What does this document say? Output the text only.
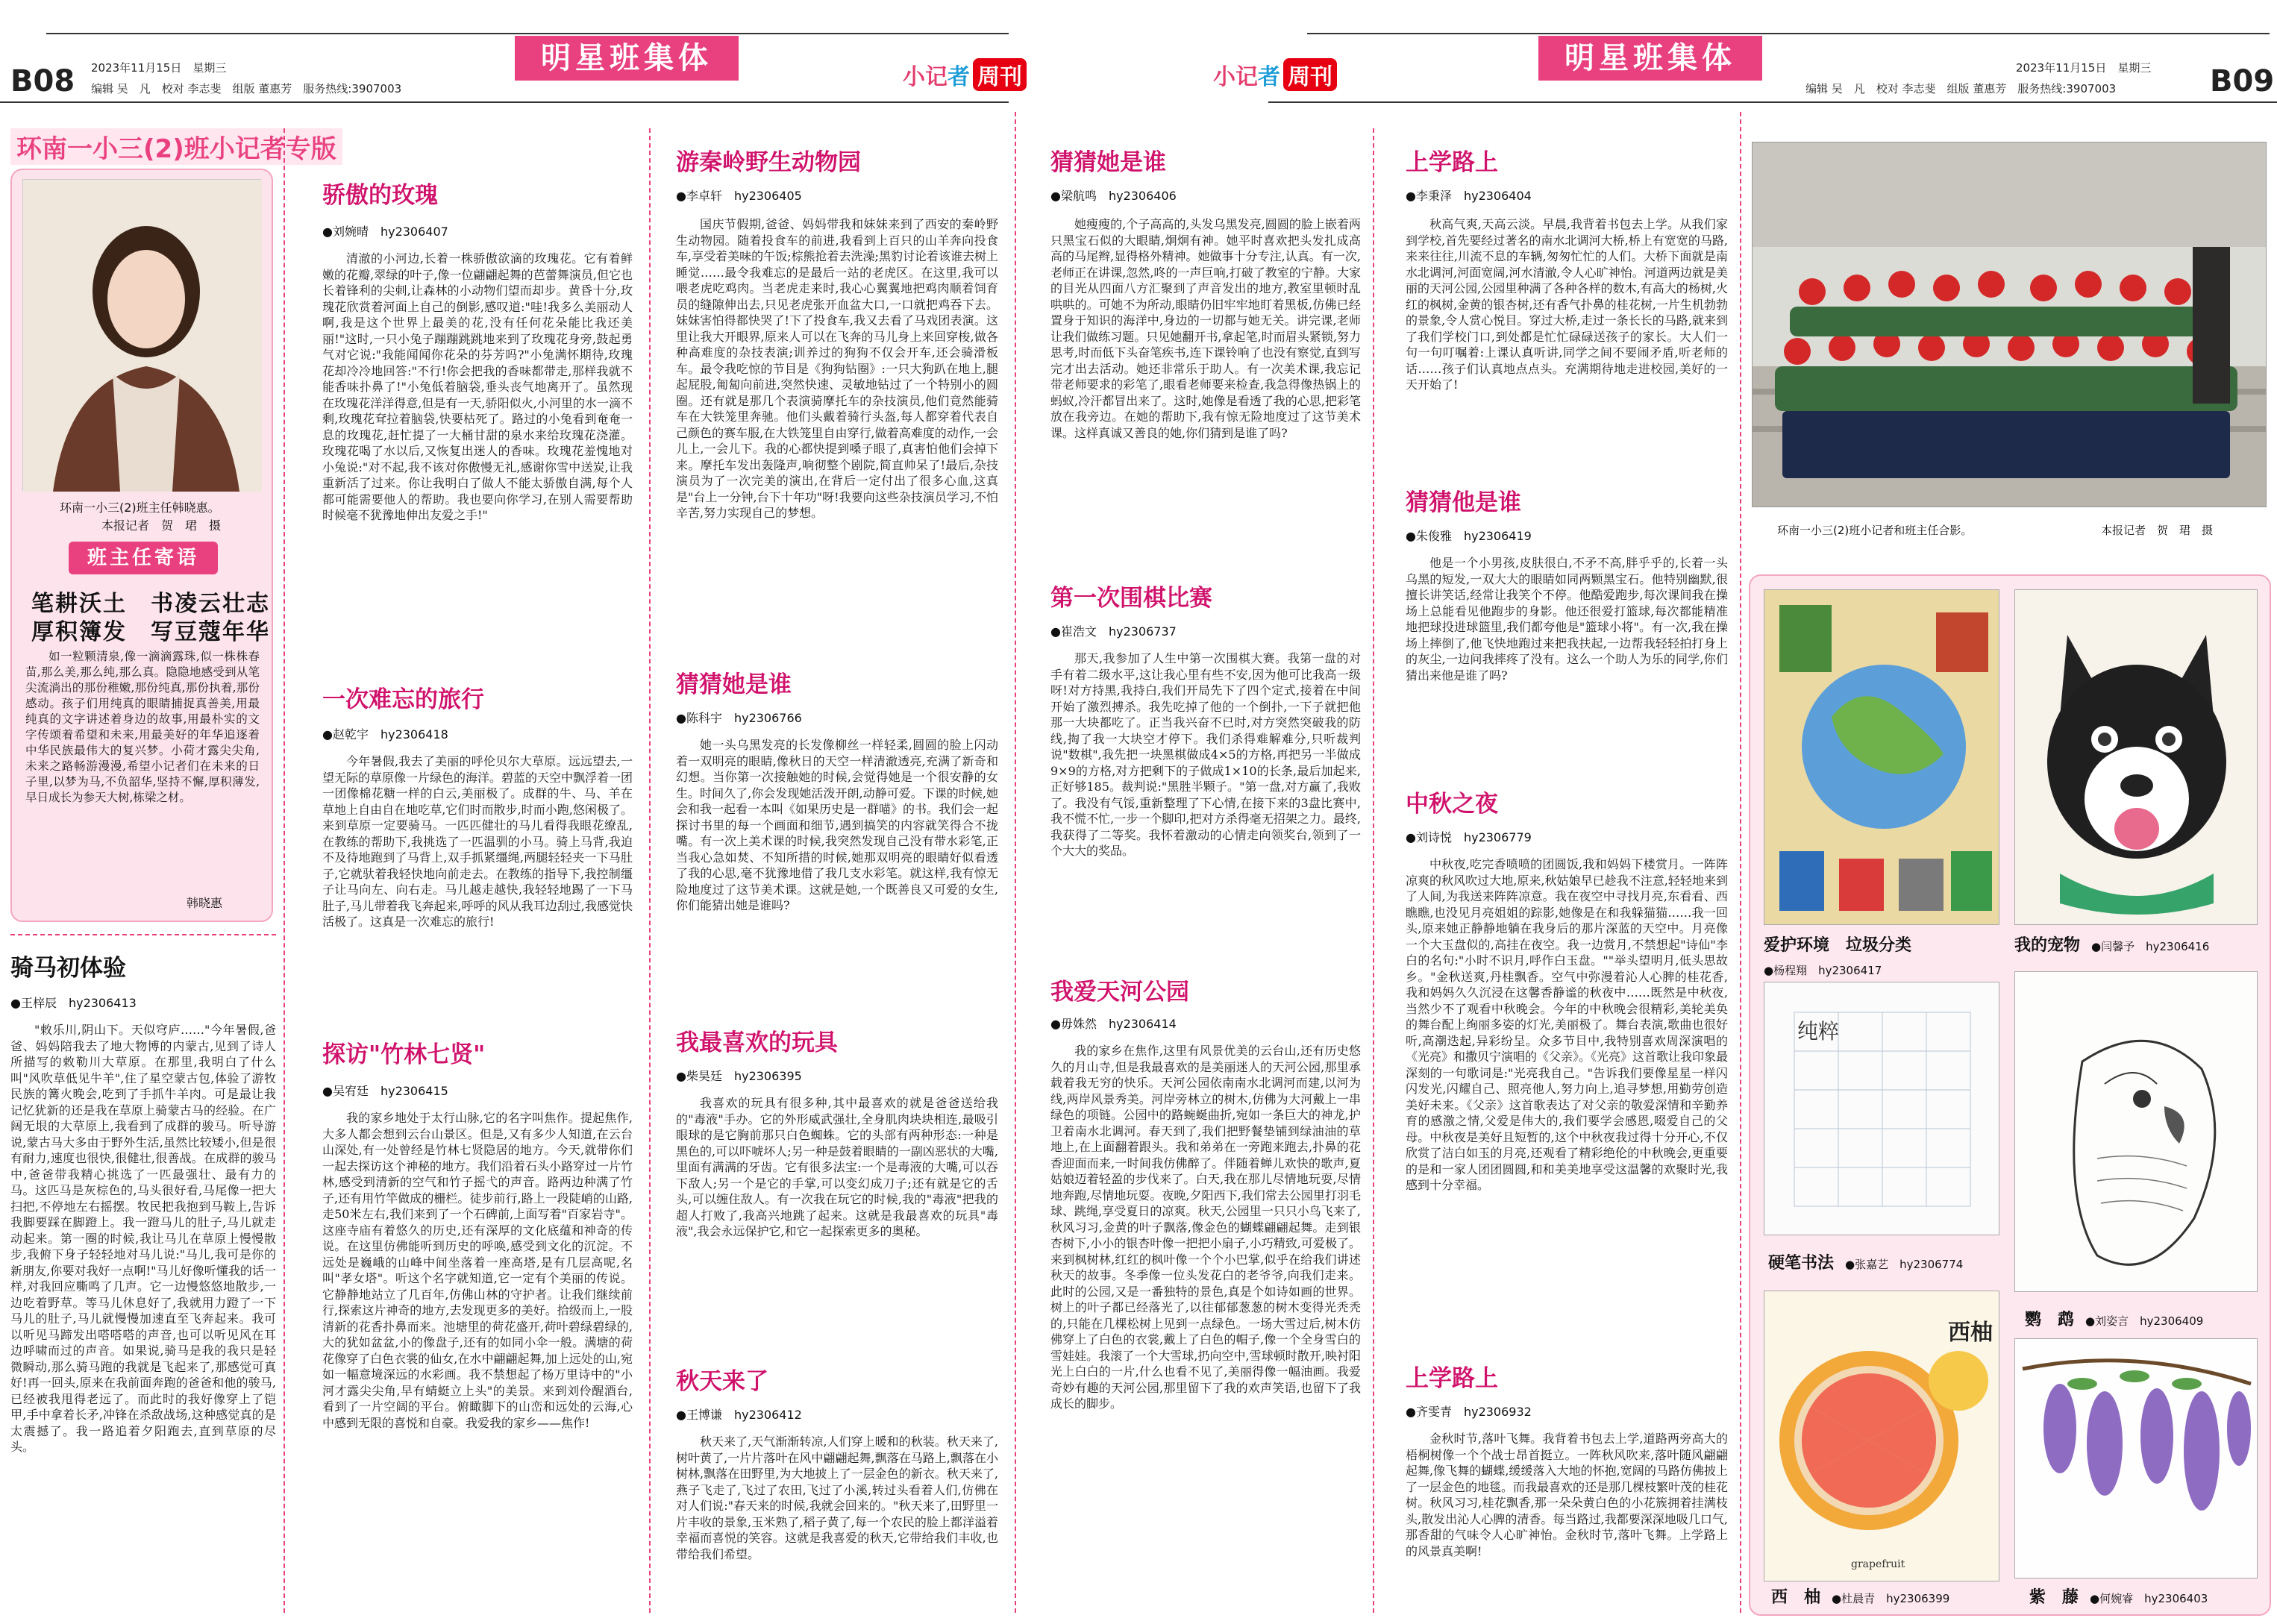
B08 2023年11月15日　星期三
编辑 吴　凡　校对 李志斐　组版 董惠芳　服务热线:3907003
明星班集体
小记者 周刊
环南一小三(2)班小记者专版
环南一小三(2)班主任韩晓惠。
本报记者　贺　珺　摄
班主任寄语
笔耕沃土　书凌云壮志
厚积簿发　写豆蔻年华
如一粒颗清泉,像一滴滴露珠,似一株株春苗,那么美,那么纯,那么真。隐隐地感受到从笔尖流淌出的那份稚嫩,那份纯真,那份执着,那份感动。孩子们用纯真的眼睛捕捉真善美,用最纯真的文字讲述着身边的故事,用最朴实的文字传颂着希望和未来,用最美好的年华追逐着中华民族最伟大的复兴梦。小荷才露尖尖角,未来之路畅游漫漫,希望小记者们在未来的日子里,以梦为马,不负韶华,坚持不懈,厚积薄发,早日成长为参天大树,栋梁之材。
韩晓惠
骄傲的玫瑰
●刘婉晴　hy2306407
清澈的小河边,长着一株骄傲欲滴的玫瑰花。它有着鲜嫩的花瓣,翠绿的叶子,像一位翩翩起舞的芭蕾舞演员,但它也长着锋利的尖刺,让森林的小动物们望而却步。黄昏十分,玫瑰花欣赏着河面上自己的倒影,感叹道:"哇!我多么美丽动人啊,我是这个世界上最美的花,没有任何花朵能比我还美丽!"这时,一只小兔子蹦蹦跳跳地来到了玫瑰花身旁,鼓起勇气对它说:"我能闻闻你花朵的芬芳吗?"小兔满怀期待,玫瑰花却冷冷地回答:"不行!你会把我的香味都带走,那样我就不能香味扑鼻了!"小兔低着脑袋,垂头丧气地离开了。虽然现在玫瑰花洋洋得意,但是有一天,骄阳似火,小河里的水一滴不剩,玫瑰花耷拉着脑袋,快要枯死了。路过的小兔看到奄奄一息的玫瑰花,赶忙提了一大桶甘甜的泉水来给玫瑰花浇灌。玫瑰花喝了水以后,又恢复出迷人的香味。玫瑰花羞愧地对小兔说:"对不起,我不该对你傲慢无礼,感谢你雪中送炭,让我重新活了过来。你让我明白了做人不能太骄傲自满,每个人都可能需要他人的帮助。我也要向你学习,在别人需要帮助时候毫不犹豫地伸出友爱之手!"
一次难忘的旅行
●赵乾宇　hy2306418
今年暑假,我去了美丽的呼伦贝尔大草原。远远望去,一望无际的草原像一片绿色的海洋。碧蓝的天空中飘浮着一团一团像棉花糖一样的白云,美丽极了。成群的牛、马、羊在草地上自由自在地吃草,它们时而散步,时而小跑,悠闲极了。来到草原一定要骑马。一匹匹健壮的马儿看得我眼花缭乱,在教练的帮助下,我挑选了一匹温驯的小马。骑上马背,我迫不及待地跑到了马背上,双手抓紧缰绳,两腿轻轻夹一下马肚子,它就驮着我轻快地向前走去。在教练的指导下,我控制缰子让马向左、向右走。马儿越走越快,我轻轻地踢了一下马肚子,马儿带着我飞奔起来,呼呼的风从我耳边刮过,我感觉快活极了。这真是一次难忘的旅行!
探访"竹林七贤"
●吴宥廷　hy2306415
我的家乡地处于太行山脉,它的名字叫焦作。提起焦作,大多人都会想到云台山景区。但是,又有多少人知道,在云台山深处,有一处曾经是竹林七贤隐居的地方。今天,就带你们一起去探访这个神秘的地方。我们沿着石头小路穿过一片竹林,感受到清新的空气和竹子摇弋的声音。路两边种满了竹子,还有用竹竿做成的栅栏。徒步前行,路上一段陡峭的山路,走50米左右,我们来到了一个石碑前,上面写着"百家岩寺"。这座寺庙有着悠久的历史,还有深厚的文化底蕴和神奇的传说。在这里仿佛能听到历史的呼唤,感受到文化的沉淀。不远处是巍峨的山峰中间坐落着一座高塔,是有几层高呢,名叫"孝女塔"。听这个名字就知道,它一定有个美丽的传说。它静静地站立了几百年,仿佛山林的守护者。让我们继续前行,探索这片神奇的地方,去发现更多的美好。拾级而上,一股清新的花香扑鼻而来。池塘里的荷花盛开,荷叶碧绿碧绿的,大的犹如盆盆,小的像盘子,还有的如同小伞一般。满塘的荷花像穿了白色衣裳的仙女,在水中翩翩起舞,加上远处的山,宛如一幅意境深远的水彩画。我不禁想起了杨万里诗中的"小河才露尖尖角,早有蜻蜓立上头"的美景。来到刘伶醒酒台,看到了一片空阔的平台。俯瞰脚下的山峦和远处的云海,心中感到无限的喜悦和自豪。我爱我的家乡——焦作!
骑马初体验
●王梓辰　hy2306413
"敕乐川,阴山下。天似穹庐……"今年暑假,爸爸、妈妈陪我去了地大物博的内蒙古,见到了诗人所描写的敕勒川大草原。在那里,我明白了什么叫"风吹草低见牛羊",住了星空蒙古包,体验了游牧民族的篝火晚会,吃到了手抓牛羊肉。可是最让我记忆犹新的还是我在草原上骑蒙古马的经验。在广阔无垠的大草原上,我看到了成群的骏马。听导游说,蒙古马大多由于野外生活,虽然比较矮小,但是很有耐力,速度也很快,很健壮,很善战。在成群的骏马中,爸爸带我精心挑选了一匹最强壮、最有力的马。这匹马是灰棕色的,马头很好看,马尾像一把大扫把,不停地左右摇摆。牧民把我抱到马鞍上,告诉我脚要踩在脚蹬上。我一蹬马儿的肚子,马儿就走动起来。第一圈的时候,我让马儿在草原上慢慢散步,我俯下身子轻轻地对马儿说:"马儿,我可是你的新朋友,你要对我好一点啊!"马儿好像听懂我的话一样,对我回应嘶鸣了几声。它一边慢悠悠地散步,一边吃着野草。等马儿休息好了,我就用力蹬了一下马儿的肚子,马儿就慢慢加速直至飞奔起来。我可以听见马蹄发出嗒嗒嗒的声音,也可以听见风在耳边呼啸而过的声音。如果说,骑马是我的我只是轻微瞬动,那么骑马跑的我就是飞起来了,那感觉可真好!再一回头,原来在我前面奔跑的爸爸和他的骏马,已经被我甩得老远了。而此时的我好像穿上了铠甲,手中拿着长矛,冲锋在杀敌战场,这种感觉真的是太震撼了。我一路追着夕阳跑去,直到草原的尽头。
游秦岭野生动物园
●李卓轩　hy2306405
国庆节假期,爸爸、妈妈带我和妹妹来到了西安的秦岭野生动物园。随着投食车的前进,我看到上百只的山羊奔向投食车,享受着美味的午饭;棕熊抢着去洗澡;黑豹讨论着该谁去树上睡觉……最令我难忘的是最后一站的老虎区。在这里,我可以喂老虎吃鸡肉。当老虎走来时,我心心翼翼地把鸡肉顺着饲育员的缝隙伸出去,只见老虎张开血盆大口,一口就把鸡吞下去。妹妹害怕得都快哭了!下了投食车,我又去看了马戏团表演。这里让我大开眼界,原来人可以在飞奔的马儿身上来回穿梭,做各种高难度的杂技表演;训养过的狗狗不仅会开车,还会骑滑板车。最令我吃惊的节目是《狗狗钻圈》:一只大狗趴在地上,腿起屁股,匍匐向前进,突然快速、灵敏地钻过了一个特别小的圆圈。还有就是那几个表演骑摩托车的杂技演员,他们竟然能骑车在大铁笼里奔驰。他们头戴着骑行头盔,每人都穿着代表自己颜色的赛车服,在大铁笼里自由穿行,做着高难度的动作,一会儿上,一会儿下。我的心都快提到嗓子眼了,真害怕他们会掉下来。摩托车发出轰隆声,响彻整个剧院,简直帅呆了!最后,杂技演员为了一次完美的演出,在背后一定付出了很多心血,这真是"台上一分钟,台下十年功"呀!我要向这些杂技演员学习,不怕辛苦,努力实现自己的梦想。
猜猜她是谁
●陈科宇　hy2306766
她一头乌黑发亮的长发像柳丝一样轻柔,圆圆的脸上闪动着一双明亮的眼睛,像秋日的天空一样清澈透亮,充满了新奇和幻想。当你第一次接触她的时候,会觉得她是一个很安静的女生。时间久了,你会发现她活泼开朗,动静可爱。下课的时候,她会和我一起看一本叫《如果历史是一群喵》的书。我们会一起探讨书里的每一个画面和细节,遇到搞笑的内容就笑得合不拢嘴。有一次上美术课的时候,我突然发现自己没有带水彩笔,正当我心急如焚、不知所措的时候,她那双明亮的眼睛好似看透了我的心思,毫不犹豫地借了我几支水彩笔。就这样,我有惊无险地度过了这节美术课。这就是她,一个既善良又可爱的女生,你们能猜出她是谁吗?
我最喜欢的玩具
●柴昊廷　hy2306395
我喜欢的玩具有很多种,其中最喜欢的就是爸爸送给我的"毒液"手办。它的外形威武强壮,全身肌肉块块相连,最吸引眼球的是它胸前那只白色蜘蛛。它的头部有两种形态:一种是黑色的,可以吓唬坏人;另一种是鼓着眼睛的一副凶恶状的大嘴,里面有满满的牙齿。它有很多法宝:一个是毒液的大嘴,可以吞下敌人;另一个是它的手掌,可以变幻成刀子;还有就是它的舌头,可以缠住敌人。有一次我在玩它的时候,我的"毒液"把我的超人打败了,我高兴地跳了起来。这就是我最喜欢的玩具"毒液",我会永远保护它,和它一起探索更多的奥秘。
秋天来了
●王博谦　hy2306412
秋天来了,天气渐渐转凉,人们穿上暖和的秋装。秋天来了,树叶黄了,一片片落叶在风中翩翩起舞,飘落在马路上,飘落在小树林,飘落在田野里,为大地披上了一层金色的新衣。秋天来了,燕子飞走了,飞过了农田,飞过了小溪,转过头看着人们,仿佛在对人们说:"春天来的时候,我就会回来的。"秋天来了,田野里一片丰收的景象,玉米熟了,稻子黄了,每一个农民的脸上都洋溢着幸福而喜悦的笑容。这就是我喜爱的秋天,它带给我们丰收,也带给我们希望。
小记者 周刊
明星班集体	2023年11月15日　星期三
编辑 吴　凡　校对 李志斐　组版 董惠芳　服务热线:3907003	B09
猜猜她是谁
●梁航鸣　hy2306406
她瘦瘦的,个子高高的,头发乌黑发亮,圆圆的脸上嵌着两只黑宝石似的大眼睛,炯炯有神。她平时喜欢把头发扎成高高的马尾辫,显得格外精神。她做事十分专注,认真。有一次,老师正在讲课,忽然,咚的一声巨响,打破了教室的宁静。大家的目光从四面八方汇聚到了声音发出的地方,教室里顿时乱哄哄的。可她不为所动,眼睛仍旧牢牢地盯着黑板,仿佛已经置身于知识的海洋中,身边的一切都与她无关。讲完课,老师让我们做练习题。只见她翻开书,拿起笔,时而眉头紧锁,努力思考,时而低下头奋笔疾书,连下课铃响了也没有察觉,直到写完才出去活动。她还非常乐于助人。有一次美术课,我忘记带老师要求的彩笔了,眼看老师要来检查,我急得像热锅上的蚂蚁,冷汗都冒出来了。这时,她像是看透了我的心思,把彩笔放在我旁边。在她的帮助下,我有惊无险地度过了这节美术课。这样真诚又善良的她,你们猜到是谁了吗?
第一次围棋比赛
●崔浩文　hy2306737
那天,我参加了人生中第一次围棋大赛。我第一盘的对手有着二级水平,这让我心里有些不安,因为他可比我高一级呀!对方持黑,我持白,我们开局先下了四个定式,接着在中间开始了激烈搏杀。我先吃掉了他的一个倒扑,一下子就把他那一大块都吃了。正当我兴奋不已时,对方突然突破我的防线,掏了我一大块空才停下。我们杀得难解难分,只听裁判说"数棋",我先把一块黑棋做成4×5的方格,再把另一半做成9×9的方格,对方把剩下的子做成1×10的长条,最后加起来,正好够185。裁判说:"黑胜半颗子。"第一盘,对方赢了,我败了。我没有气馁,重新整理了下心情,在接下来的3盘比赛中,我不慌不忙,一步一个脚印,把对方杀得毫无招架之力。最终,我获得了二等奖。我怀着激动的心情走向领奖台,领到了一个大大的奖品。
我爱天河公园
●毋姝然　hy2306414
我的家乡在焦作,这里有风景优美的云台山,还有历史悠久的月山寺,但是我最喜欢的是美丽迷人的天河公园,那里承载着我无穷的快乐。天河公园依南南水北调河而建,以河为线,两岸风景秀美。河岸旁林立的树木,仿佛为大河戴上一串绿色的项链。公园中的路蜿蜒曲折,宛如一条巨大的神龙,护卫着南水北调河。春天到了,我们把野餐垫铺到绿油油的草地上,在上面翻着跟头。我和弟弟在一旁跑来跑去,扑鼻的花香迎面而来,一时间我仿佛醉了。伴随着蝉儿欢快的歌声,夏姑娘迈着轻盈的步伐来了。白天,我在那儿尽情地玩耍,尽情地奔跑,尽情地玩耍。夜晚,夕阳西下,我们常去公园里打羽毛球、跳绳,享受夏日的凉爽。秋天,公园里一只只小鸟飞来了,秋风习习,金黄的叶子飘落,像金色的蝴蝶翩翩起舞。走到银杏树下,小小的银杏叶像一把把小扇子,小巧精致,可爱极了。来到枫树林,红红的枫叶像一个个小巴掌,似乎在给我们讲述秋天的故事。冬季像一位头发花白的老爷爷,向我们走来。此时的公园,又是一番独特的景色,真是个如诗如画的世界。树上的叶子都已经落光了,以往郁郁葱葱的树木变得光秃秃的,只能在几棵松树上见到一点绿色。一场大雪过后,树木仿佛穿上了白色的衣裳,戴上了白色的帽子,像一个全身雪白的雪娃娃。我滚了一个大雪球,扔向空中,雪球顿时散开,映衬阳光上白白的一片,什么也看不见了,美丽得像一幅油画。我爱奇妙有趣的天河公园,那里留下了我的欢声笑语,也留下了我成长的脚步。
上学路上
●李秉泽　hy2306404
秋高气爽,天高云淡。早晨,我背着书包去上学。从我们家到学校,首先要经过著名的南水北调河大桥,桥上有宽宽的马路,来来往往,川流不息的车辆,匆匆忙忙的人们。大桥下面就是南水北调河,河面宽阔,河水清澈,令人心旷神怡。河道两边就是美丽的天河公园,公园里种满了各种各样的数木,有高大的杨树,火红的枫树,金黄的银杏树,还有香气扑鼻的桂花树,一片生机勃勃的景象,令人赏心悦目。穿过大桥,走过一条长长的马路,就来到了我们学校门口,到处都是忙忙碌碌送孩子的家长。大人们一句一句叮嘱着:上课认真听讲,同学之间不要闹矛盾,听老师的话……孩子们认真地点点头。充满期待地走进校园,美好的一天开始了!
猜猜他是谁
●朱俊雅　hy2306419
他是一个小男孩,皮肤很白,不矛不高,胖乎乎的,长着一头乌黑的短发,一双大大的眼睛如同两颗黑宝石。他特别幽默,很擅长讲笑话,经常让我笑个不停。他酷爱跑步,每次课间我在操场上总能看见他跑步的身影。他还很爱打篮球,每次都能精准地把球投进球篮里,我们都夸他是"篮球小将"。有一次,我在操场上摔倒了,他飞快地跑过来把我扶起,一边帮我轻轻拍打身上的灰尘,一边问我摔疼了没有。这么一个助人为乐的同学,你们猜出来他是谁了吗?
中秋之夜
●刘诗悦　hy2306779
中秋夜,吃完香喷喷的团圆饭,我和妈妈下楼赏月。一阵阵凉爽的秋风吹过大地,原来,秋姑娘早已趁我不注意,轻轻地来到了人间,为我送来阵阵凉意。我在夜空中寻找月亮,东看看、西瞧瞧,也没见月亮姐姐的踪影,她像是在和我躲猫猫……我一回头,原来她正静静地躺在我身后的那片深蓝的天空中。月亮像一个大玉盘似的,高挂在夜空。我一边赏月,不禁想起"诗仙"李白的名句:"小时不识月,呼作白玉盘。""举头望明月,低头思故乡。"金秋送爽,丹桂飘香。空气中弥漫着沁人心脾的桂花香,我和妈妈久久沉浸在这馨香静谧的秋夜中……既然是中秋夜,当然少不了观看中秋晚会。今年的中秋晚会很精彩,美轮美奂的舞台配上绚丽多姿的灯光,美丽极了。舞台表演,歌曲也很好听,高潮迭起,异彩纷呈。众多节目中,我特别喜欢周深演唱的《光亮》和撒贝宁演唱的《父亲》。《光亮》这首歌让我印象最深刻的一句歌词是:"光亮我自己。"告诉我们要像星星一样闪闪发光,闪耀自己、照亮他人,努力向上,追寻梦想,用勤劳创造美好未来。《父亲》这首歌表达了对父亲的敬爱深情和辛勤养育的感激之情,父爱是伟大的,我们要学会感恩,啜爱自己的父母。中秋夜是美好且短暂的,这个中秋夜我过得十分开心,不仅欣赏了洁白如玉的月亮,还观看了精彩绝伦的中秋晚会,更重要的是和一家人团团圆圆,和和美美地享受这温馨的欢聚时光,我感到十分幸福。
上学路上
●齐雯青　hy2306932
金秋时节,落叶飞舞。我背着书包去上学,道路两旁高大的梧桐树像一个个战士昂首挺立。一阵秋风吹来,落叶随风翩翩起舞,像飞舞的蝴蝶,缓缓落入大地的怀抱,宽阔的马路仿佛披上了一层金色的地毯。而我最喜欢的还是那几棵枝繁叶茂的桂花树。秋风习习,桂花飘香,那一朵朵黄白色的小花簇拥着挂满枝头,散发出沁人心脾的清香。每当路过,我都要深深地吸几口气,那香甜的气味令人心旷神怡。金秋时节,落叶飞舞。上学路上的风景真美啊!
环南一小三(2)班小记者和班主任合影。	本报记者　贺　珺　摄
爱护环境　垃圾分类
●杨程翔　hy2306417
我的宠物　 ●闫馨予　hy2306416
纯粹
硬笔书法　 ●张嘉艺　hy2306774
鹦　鹉　 ●刘姿言　hy2306409
西柚
grapefruit
西　柚　 ●杜晨青　hy2306399	紫　藤　 ●何婉睿　hy2306403
